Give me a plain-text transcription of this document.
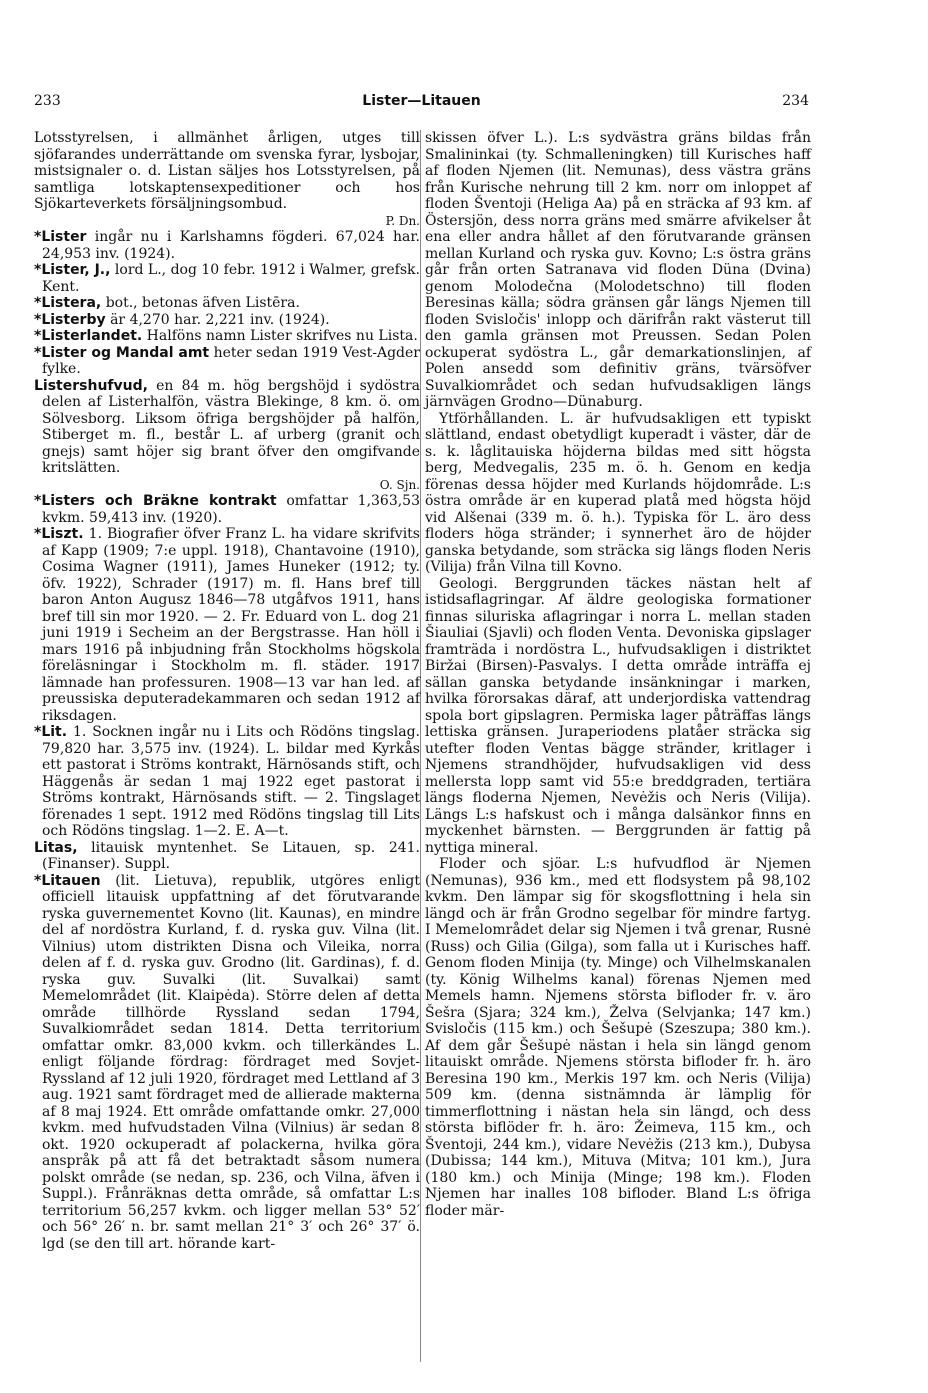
233	Lister—Litauen	234

Lotsstyrelsen, i allmänhet årligen, utges till sjöfarandes underrättande om svenska fyrar, lysbojar, mistsignaler o. d. Listan säljes hos Lotsstyrelsen, på samtliga lotskaptensexpeditioner och hos Sjökarteverkets försäljningsombud.
P. Dn.

*Lister ingår nu i Karlshamns fögderi. 67,024 har. 24,953 inv. (1924).

*Lister, J., lord L., dog 10 febr. 1912 i Walmer, grefsk. Kent.

*Listera, bot., betonas äfven Listēra.

*Listerby är 4,270 har. 2,221 inv. (1924).

*Listerlandet. Halföns namn Lister skrifves nu Lista.

*Lister og Mandal amt heter sedan 1919 Vest-Agder fylke.

Listershufvud, en 84 m. hög bergshöjd i sydöstra delen af Listerhalfön, västra Blekinge, 8 km. ö. om Sölvesborg. Liksom öfriga bergshöjder på halfön, Stiberget m. fl., består L. af urberg (granit och gnejs) samt höjer sig brant öfver den omgifvande kritslätten.
O. Sjn.

*Listers och Bräkne kontrakt omfattar 1,363,53 kvkm. 59,413 inv. (1920).

*Liszt. 1. Biografier öfver Franz L. ha vidare skrifvits af Kapp (1909; 7:e uppl. 1918), Chantavoine (1910), Cosima Wagner (1911), James Huneker (1912; ty. öfv. 1922), Schrader (1917) m. fl. Hans bref till baron Anton Augusz 1846—78 utgåfvos 1911, hans bref till sin mor 1920. — 2. Fr. Eduard von L. dog 21 juni 1919 i Secheim an der Bergstrasse. Han höll i mars 1916 på inbjudning från Stockholms högskola föreläsningar i Stockholm m. fl. städer. 1917 lämnade han professuren. 1908—13 var han led. af preussiska deputeradekammaren och sedan 1912 af riksdagen.

*Lit. 1. Socknen ingår nu i Lits och Rödöns tingslag. 79,820 har. 3,575 inv. (1924). L. bildar med Kyrkås ett pastorat i Ströms kontrakt, Härnösands stift, och Häggenås är sedan 1 maj 1922 eget pastorat i Ströms kontrakt, Härnösands stift. — 2. Tingslaget förenades 1 sept. 1912 med Rödöns tingslag till Lits och Rödöns tingslag. 1—2. E. A—t.

Litas, litauisk myntenhet. Se Litauen, sp. 241. (Finanser). Suppl.

*Litauen (lit. Lietuva), republik, utgöres enligt officiell litauisk uppfattning af det förutvarande ryska guvernementet Kovno (lit. Kaunas), en mindre del af nordöstra Kurland, f. d. ryska guv. Vilna (lit. Vilnius) utom distrikten Disna och Vileika, norra delen af f. d. ryska guv. Grodno (lit. Gardinas), f. d. ryska guv. Suvalki (lit. Suvalkai) samt Memelområdet (lit. Klaipėda). Större delen af detta område tillhörde Ryssland sedan 1794, Suvalkiområdet sedan 1814. Detta territorium omfattar omkr. 83,000 kvkm. och tillerkändes L. enligt följande fördrag: fördraget med Sovjet-Ryssland af 12 juli 1920, fördraget med Lettland af 3 aug. 1921 samt fördraget med de allierade makterna af 8 maj 1924. Ett område omfattande omkr. 27,000 kvkm. med hufvudstaden Vilna (Vilnius) är sedan 8 okt. 1920 ockuperadt af polackerna, hvilka göra anspråk på att få det betraktadt såsom numera polskt område (se nedan, sp. 236, och Vilna, äfven i Suppl.). Frånräknas detta område, så omfattar L:s territorium 56,257 kvkm. och ligger mellan 53° 52′ och 56° 26′ n. br. samt mellan 21° 3′ och 26° 37′ ö. lgd (se den till art. hörande kart-

skissen öfver L.). L:s sydvästra gräns bildas från Smalininkai (ty. Schmalleningken) till Kurisches haff af floden Njemen (lit. Nemunas), dess västra gräns från Kurische nehrung till 2 km. norr om inloppet af floden Šventoji (Heliga Aa) på en sträcka af 93 km. af Östersjön, dess norra gräns med smärre afvikelser åt ena eller andra hållet af den förutvarande gränsen mellan Kurland och ryska guv. Kovno; L:s östra gräns går från orten Satranava vid floden Düna (Dvina) genom Molodečna (Molodetschno) till floden Beresinas källa; södra gränsen går längs Njemen till floden Svisločis' inlopp och därifrån rakt västerut till den gamla gränsen mot Preussen. Sedan Polen ockuperat sydöstra L., går demarkationslinjen, af Polen ansedd som definitiv gräns, tvärsöfver Suvalkiområdet och sedan hufvudsakligen längs järnvägen Grodno—Dünaburg.

Ytförhållanden. L. är hufvudsakligen ett typiskt slättland, endast obetydligt kuperadt i väster, där de s. k. låglitauiska höjderna bildas med sitt högsta berg, Medvegalis, 235 m. ö. h. Genom en kedja förenas dessa höjder med Kurlands höjdområde. L:s östra område är en kuperad platå med högsta höjd vid Alšenai (339 m. ö. h.). Typiska för L. äro dess floders höga stränder; i synnerhet äro de höjder ganska betydande, som sträcka sig längs floden Neris (Vilija) från Vilna till Kovno.

Geologi. Berggrunden täckes nästan helt af istidsaflagringar. Af äldre geologiska formationer finnas siluriska aflagringar i norra L. mellan staden Šiauliai (Sjavli) och floden Venta. Devoniska gipslager framträda i nordöstra L., hufvudsakligen i distriktet Biržai (Birsen)-Pasvalys. I detta område inträffa ej sällan ganska betydande insänkningar i marken, hvilka förorsakas däraf, att underjordiska vattendrag spola bort gipslagren. Permiska lager påträffas längs lettiska gränsen. Juraperiodens platåer sträcka sig utefter floden Ventas bägge stränder, kritlager i Njemens strandhöjder, hufvudsakligen vid dess mellersta lopp samt vid 55:e breddgraden, tertiära längs floderna Njemen, Nevėžis och Neris (Vilija). Längs L:s hafskust och i många dalsänkor finns en myckenhet bärnsten. — Berggrunden är fattig på nyttiga mineral.

Floder och sjöar. L:s hufvudflod är Njemen (Nemunas), 936 km., med ett flodsystem på 98,102 kvkm. Den lämpar sig för skogsflottning i hela sin längd och är från Grodno segelbar för mindre fartyg. I Memelområdet delar sig Njemen i två grenar, Rusnė (Russ) och Gilia (Gilga), som falla ut i Kurisches haff. Genom floden Minija (ty. Minge) och Vilhelmskanalen (ty. König Wilhelms kanal) förenas Njemen med Memels hamn. Njemens största bifloder fr. v. äro Šešra (Sjara; 324 km.), Želva (Selvjanka; 147 km.) Svisločis (115 km.) och Šešupė (Szeszupa; 380 km.). Af dem går Šešupė nästan i hela sin längd genom litauiskt område. Njemens största bifloder fr. h. äro Beresina 190 km., Merkis 197 km. och Neris (Vilija) 509 km. (denna sistnämnda är lämplig för timmerflottning i nästan hela sin längd, och dess största biflöder fr. h. äro: Žeimeva, 115 km., och Šventoji, 244 km.), vidare Nevėžis (213 km.), Dubysa (Dubissa; 144 km.), Mituva (Mitva; 101 km.), Jura (180 km.) och Minija (Minge; 198 km.). Floden Njemen har inalles 108 bifloder. Bland L:s öfriga floder mär-
